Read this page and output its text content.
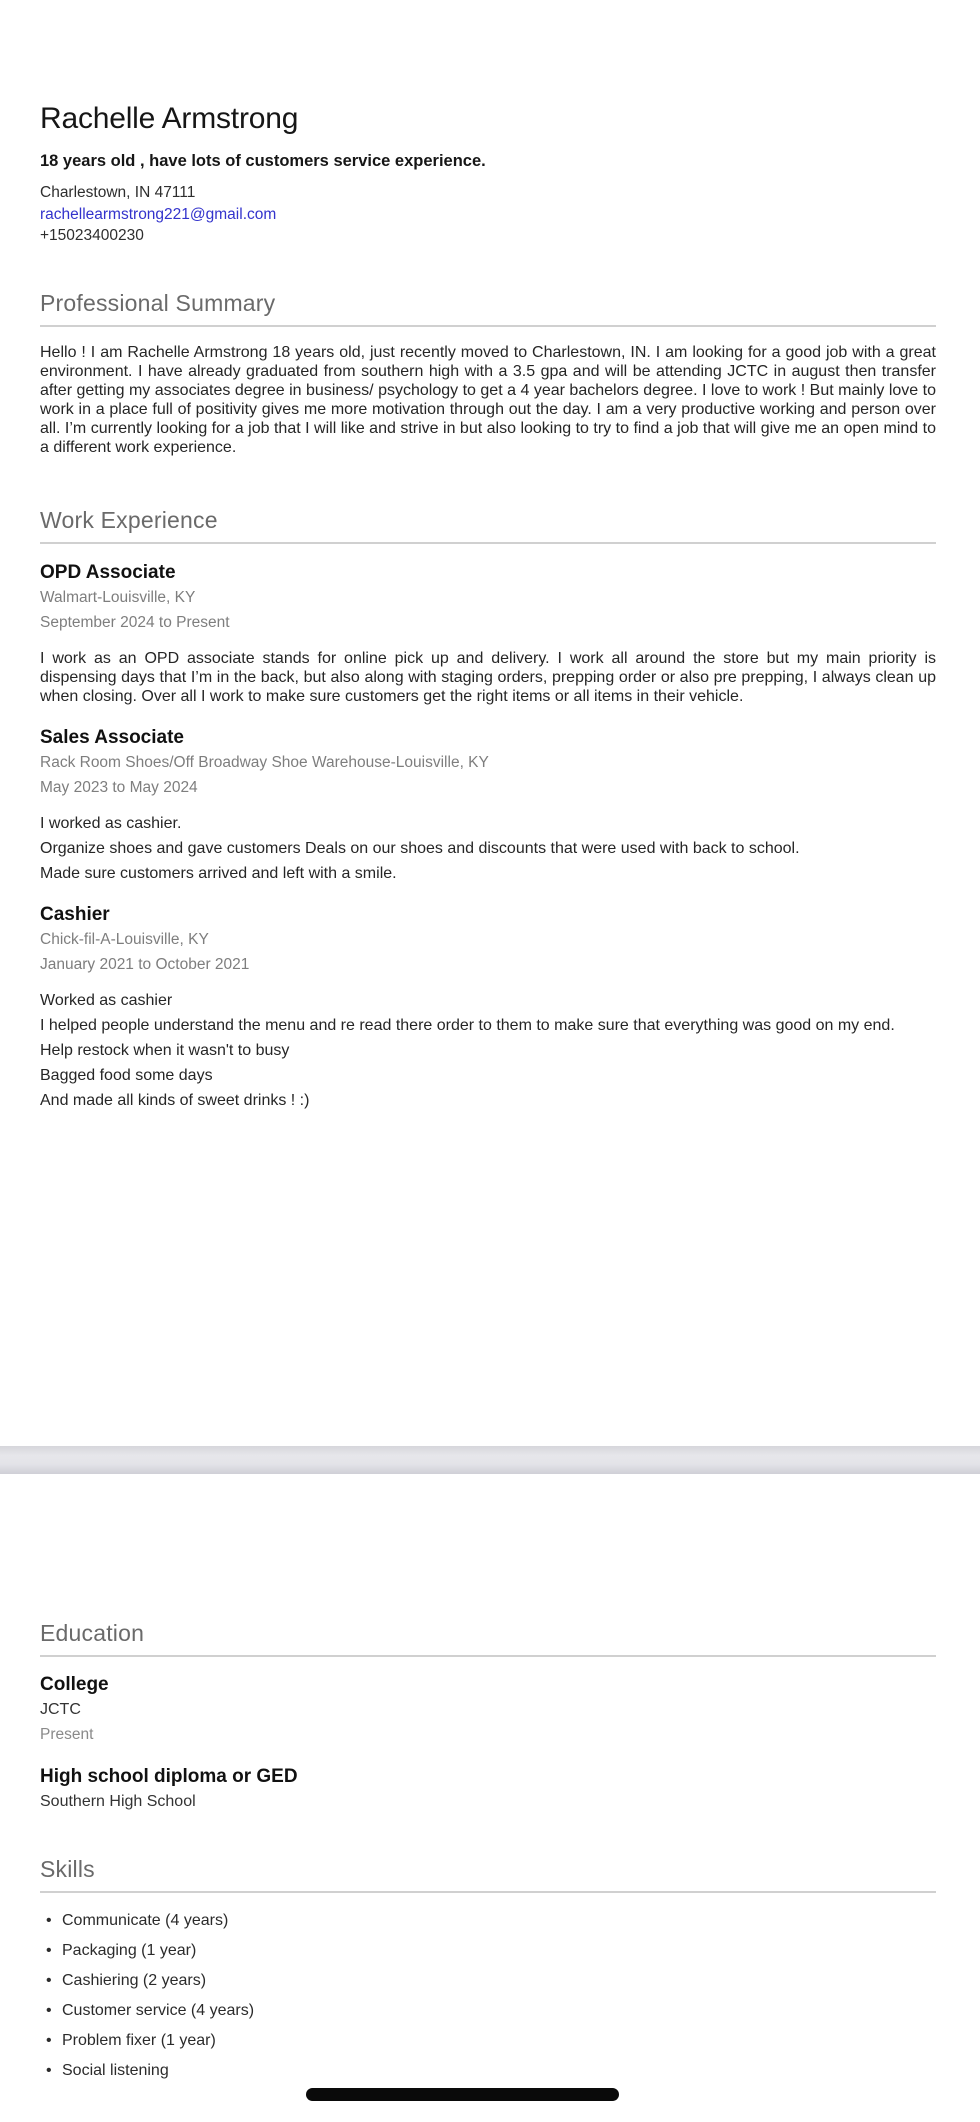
Rachelle Armstrong
18 years old , have lots of customers service experience.
Charlestown, IN 47111
rachellearmstrong221@gmail.com
+15023400230
Professional Summary

Hello ! I am Rachelle Armstrong 18 years old, just recently moved to Charlestown, IN. I am looking for a good job with a great environment. I have already graduated from southern high with a 3.5 gpa and will be attending JCTC in august then transfer after getting my associates degree in business/ psychology to get a 4 year bachelors degree. I love to work ! But mainly love to work in a place full of positivity gives me more motivation through out the day. I am a very productive working and person over all. I’m currently looking for a job that I will like and strive in but also looking to try to find a job that will give me an open mind to a different work experience.

Work Experience
OPD Associate
Walmart-Louisville, KY
September 2024 to Present

I work as an OPD associate stands for online pick up and delivery. I work all around the store but my main priority is dispensing days that I’m in the back, but also along with staging orders, prepping order or also pre prepping, I always clean up when closing. Over all I work to make sure customers get the right items or all items in their vehicle.

Sales Associate
Rack Room Shoes/Off Broadway Shoe Warehouse-Louisville, KY
May 2023 to May 2024

I worked as cashier.

Organize shoes and gave customers Deals on our shoes and discounts that were used with back to school.

Made sure customers arrived and left with a smile.

Cashier
Chick-fil-A-Louisville, KY
January 2021 to October 2021

Worked as cashier

I helped people understand the menu and re read there order to them to make sure that everything was good on my end.

Help restock when it wasn't to busy

Bagged food some days

And made all kinds of sweet drinks ! :)

Education
College
JCTC
Present
High school diploma or GED
Southern High School
Skills
• Communicate (4 years)
• Packaging (1 year)
• Cashiering (2 years)
• Customer service (4 years)
• Problem fixer (1 year)
• Social listening
